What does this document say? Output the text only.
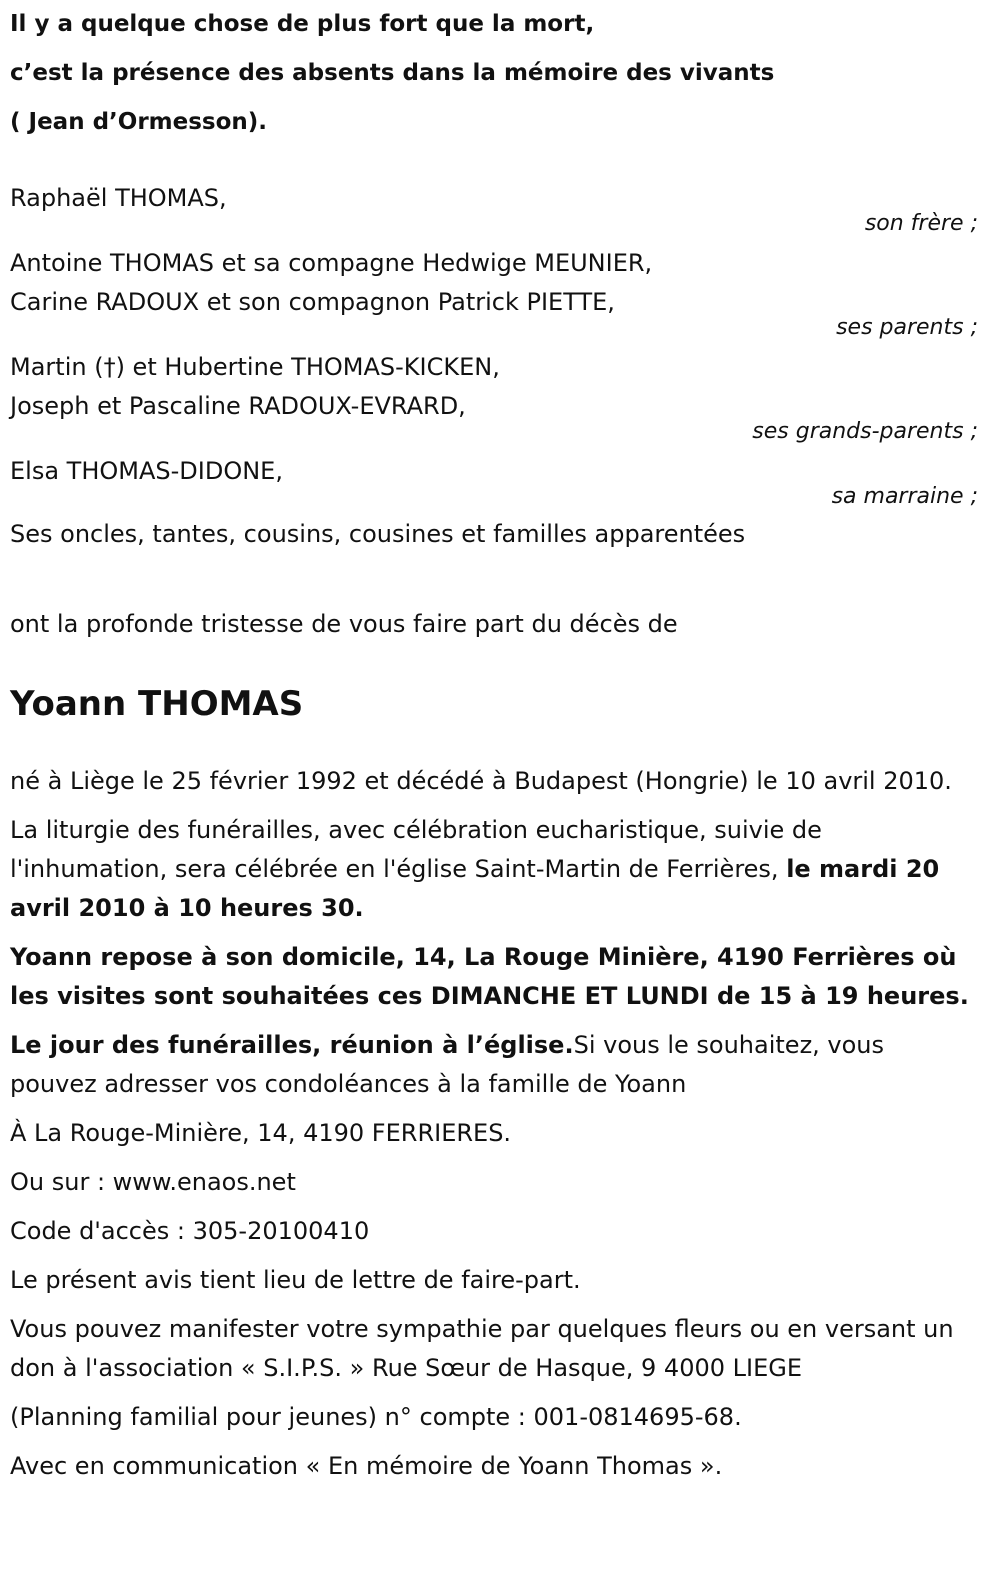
Il y a quelque chose de plus fort que la mort,
c’est la présence des absents dans la mémoire des vivants
( Jean d’Ormesson).
Raphaël THOMAS,
son frère ;
Antoine THOMAS et sa compagne Hedwige MEUNIER,
Carine RADOUX et son compagnon Patrick PIETTE,
ses parents ;
Martin (†) et Hubertine THOMAS-KICKEN,
Joseph et Pascaline RADOUX-EVRARD,
ses grands-parents ;
Elsa THOMAS-DIDONE,
sa marraine ;
Ses oncles, tantes, cousins, cousines et familles apparentées
ont la profonde tristesse de vous faire part du décès de
Yoann THOMAS
né à Liège le 25 février 1992 et décédé à Budapest (Hongrie) le 10 avril 2010.
La liturgie des funérailles, avec célébration eucharistique, suivie de l'inhumation, sera célébrée en l'église Saint-Martin de Ferrières, le mardi 20 avril 2010 à 10 heures 30.
Yoann repose à son domicile, 14, La Rouge Minière, 4190 Ferrières où les visites sont souhaitées ces DIMANCHE ET LUNDI de 15 à 19 heures.
Le jour des funérailles, réunion à l’église.Si vous le souhaitez, vous pouvez adresser vos condoléances à la famille de Yoann
À La Rouge-Minière, 14, 4190 FERRIERES.
Ou sur : www.enaos.net
Code d'accès : 305-20100410
Le présent avis tient lieu de lettre de faire-part.
Vous pouvez manifester votre sympathie par quelques fleurs ou en versant un don à l'association « S.I.P.S. » Rue Sœur de Hasque, 9 4000 LIEGE
(Planning familial pour jeunes) n° compte : 001-0814695-68.
Avec en communication « En mémoire de Yoann Thomas ».
